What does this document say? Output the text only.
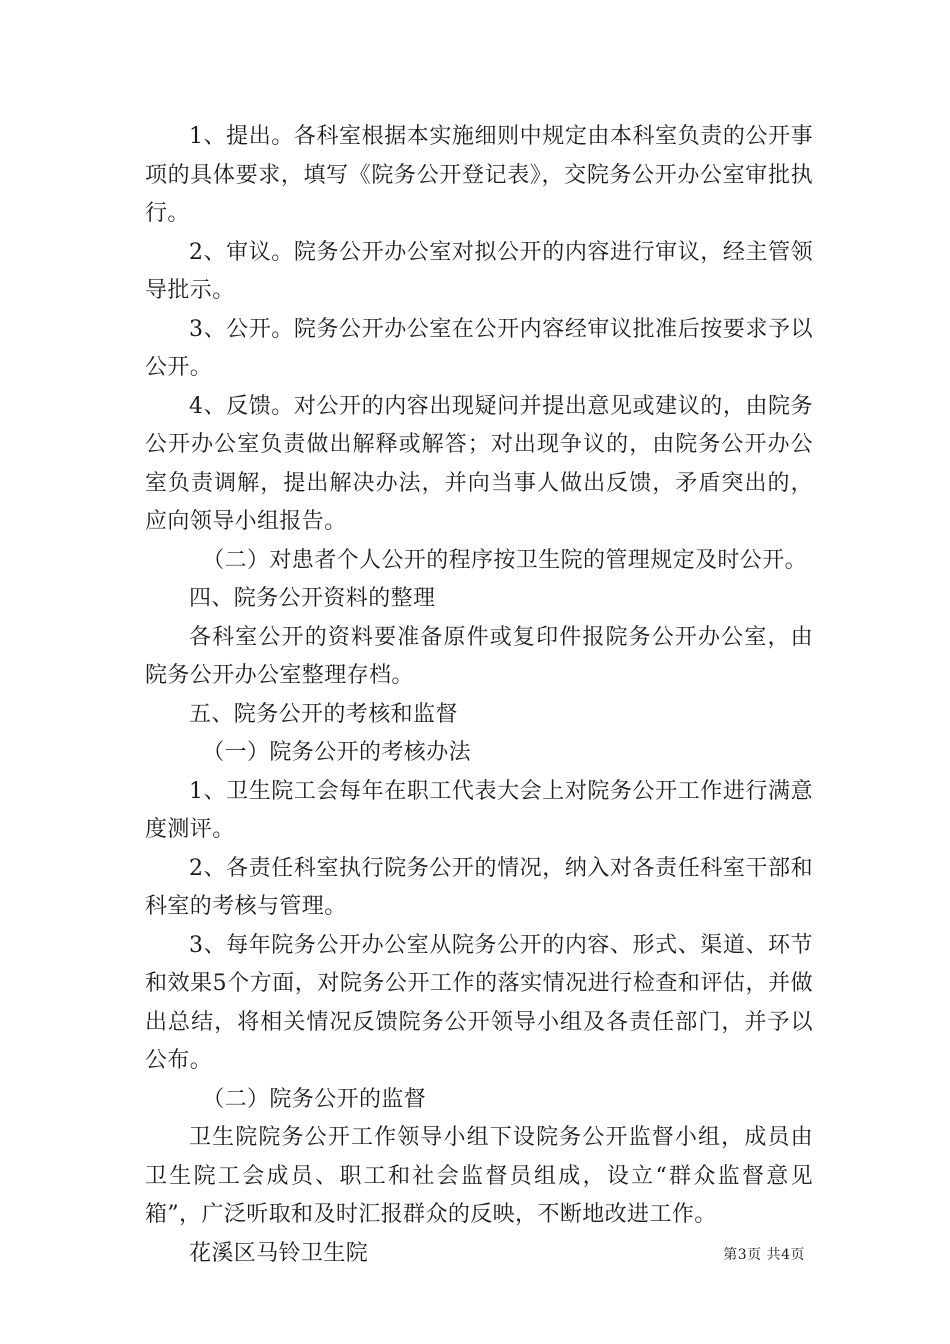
1、提出。各科室根据本实施细则中规定由本科室负责的公开事项的具体要求，填写《院务公开登记表》，交院务公开办公室审批执行。

2、审议。院务公开办公室对拟公开的内容进行审议，经主管领导批示。

3、公开。院务公开办公室在公开内容经审议批准后按要求予以公开。

4、反馈。对公开的内容出现疑问并提出意见或建议的，由院务公开办公室负责做出解释或解答；对出现争议的，由院务公开办公室负责调解，提出解决办法，并向当事人做出反馈，矛盾突出的，应向领导小组报告。

（二）对患者个人公开的程序按卫生院的管理规定及时公开。

四、院务公开资料的整理

各科室公开的资料要准备原件或复印件报院务公开办公室，由院务公开办公室整理存档。

五、院务公开的考核和监督

（一）院务公开的考核办法

1、卫生院工会每年在职工代表大会上对院务公开工作进行满意度测评。

2、各责任科室执行院务公开的情况，纳入对各责任科室干部和科室的考核与管理。

3、每年院务公开办公室从院务公开的内容、形式、渠道、环节和效果5个方面，对院务公开工作的落实情况进行检查和评估，并做出总结，将相关情况反馈院务公开领导小组及各责任部门，并予以公布。

（二）院务公开的监督

卫生院院务公开工作领导小组下设院务公开监督小组，成员由卫生院工会成员、职工和社会监督员组成，设立“群众监督意见箱”，广泛听取和及时汇报群众的反映，不断地改进工作。

花溪区马铃卫生院	第3页 共4页
